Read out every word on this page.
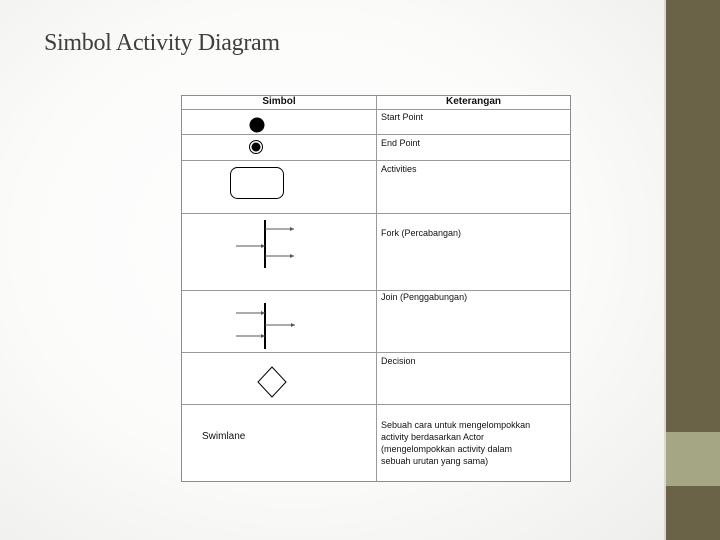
Simbol Activity Diagram
Simbol	Keterangan
Start Point
End Point
Activities
Fork (Percabangan)
Join (Penggabungan)
Decision
Swimlane
Sebuah cara untuk mengelompokkan
activity berdasarkan Actor
(mengelompokkan activity dalam
sebuah urutan yang sama)
